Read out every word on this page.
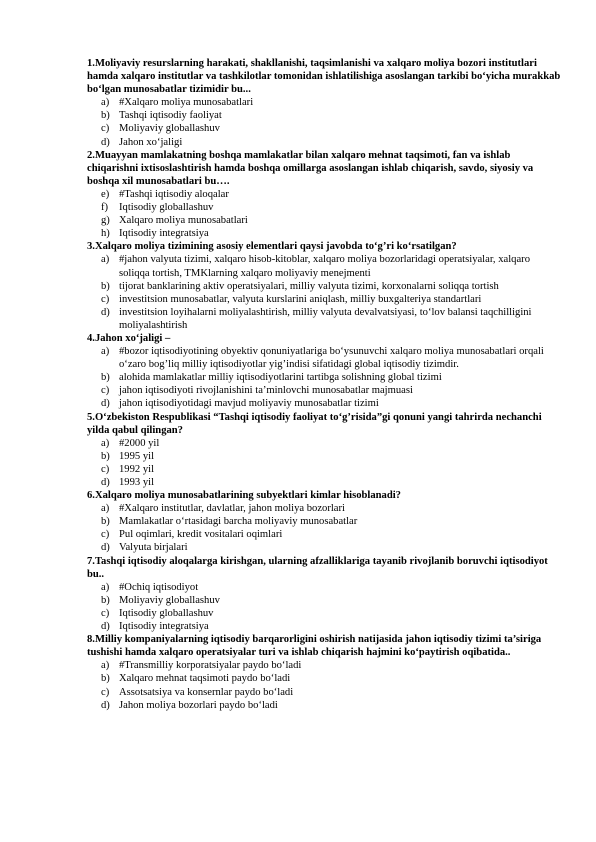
1.Moliyaviy resurslarning harakati, shakllanishi, taqsimlanishi va xalqaro moliya bozori institutlari hamda xalqaro institutlar va tashkilotlar tomonidan ishlatilishiga asoslangan tarkibi bo‘yicha murakkab bo‘lgan munosabatlar tizimidir bu...

a) #Xalqaro moliya munosabatlari
b) Tashqi iqtisodiy faoliyat
c) Moliyaviy globallashuv
d) Jahon xo‘jaligi

2.Muayyan mamlakatning boshqa mamlakatlar bilan xalqaro mehnat taqsimoti, fan va ishlab chiqarishni ixtisoslashtirish hamda boshqa omillarga asoslangan ishlab chiqarish, savdo, siyosiy va boshqa xil munosabatlari bu….

e) #Tashqi iqtisodiy aloqalar
f) Iqtisodiy globallashuv
g) Xalqaro moliya munosabatlari
h) Iqtisodiy integratsiya

3.Xalqaro moliya tizimining asosiy elementlari qaysi javobda to‘g’ri ko‘rsatilgan?

a) #jahon valyuta tizimi, xalqaro hisob-kitoblar, xalqaro moliya bozorlaridagi operatsiyalar, xalqaro soliqqa tortish, TMKlarning xalqaro moliyaviy menejmenti
b) tijorat banklarining aktiv operatsiyalari, milliy valyuta tizimi, korxonalarni soliqqa tortish
c) investitsion munosabatlar, valyuta kurslarini aniqlash, milliy buxgalteriya standartlari
d) investitsion loyihalarni moliyalashtirish, milliy valyuta devalvatsiyasi, to‘lov balansi taqchilligini moliyalashtirish

4.Jahon xo‘jaligi –

a) #bozor iqtisodiyotining obyektiv qonuniyatlariga bo‘ysunuvchi xalqaro moliya munosabatlari orqali o‘zaro bog’liq milliy iqtisodiyotlar yig’indisi sifatidagi global iqtisodiy tizimdir.
b) alohida mamlakatlar milliy iqtisodiyotlarini tartibga solishning global tizimi
c) jahon iqtisodiyoti rivojlanishini ta’minlovchi munosabatlar majmuasi
d) jahon iqtisodiyotidagi mavjud moliyaviy munosabatlar tizimi

5.O‘zbekiston Respublikasi “Tashqi iqtisodiy faoliyat to‘g’risida”gi qonuni yangi tahrirda nechanchi yilda qabul qilingan?

a) #2000 yil
b) 1995 yil
c) 1992 yil
d) 1993 yil

6.Xalqaro moliya munosabatlarining subyektlari kimlar hisoblanadi?

a) #Xalqaro institutlar, davlatlar, jahon moliya bozorlari
b) Mamlakatlar o‘rtasidagi barcha moliyaviy munosabatlar
c) Pul oqimlari, kredit vositalari oqimlari
d) Valyuta birjalari

7.Tashqi iqtisodiy aloqalarga kirishgan, ularning afzalliklariga tayanib rivojlanib boruvchi iqtisodiyot bu..

a) #Ochiq iqtisodiyot
b) Moliyaviy globallashuv
c) Iqtisodiy globallashuv
d) Iqtisodiy integratsiya

8.Milliy kompaniyalarning iqtisodiy barqarorligini oshirish natijasida jahon iqtisodiy tizimi ta’siriga tushishi hamda xalqaro operatsiyalar turi va ishlab chiqarish hajmini ko‘paytirish oqibatida..

a) #Transmilliy korporatsiyalar paydo bo‘ladi
b) Xalqaro mehnat taqsimoti paydo bo‘ladi
c) Assotsatsiya va konsernlar paydo bo‘ladi
d) Jahon moliya bozorlari paydo bo‘ladi
